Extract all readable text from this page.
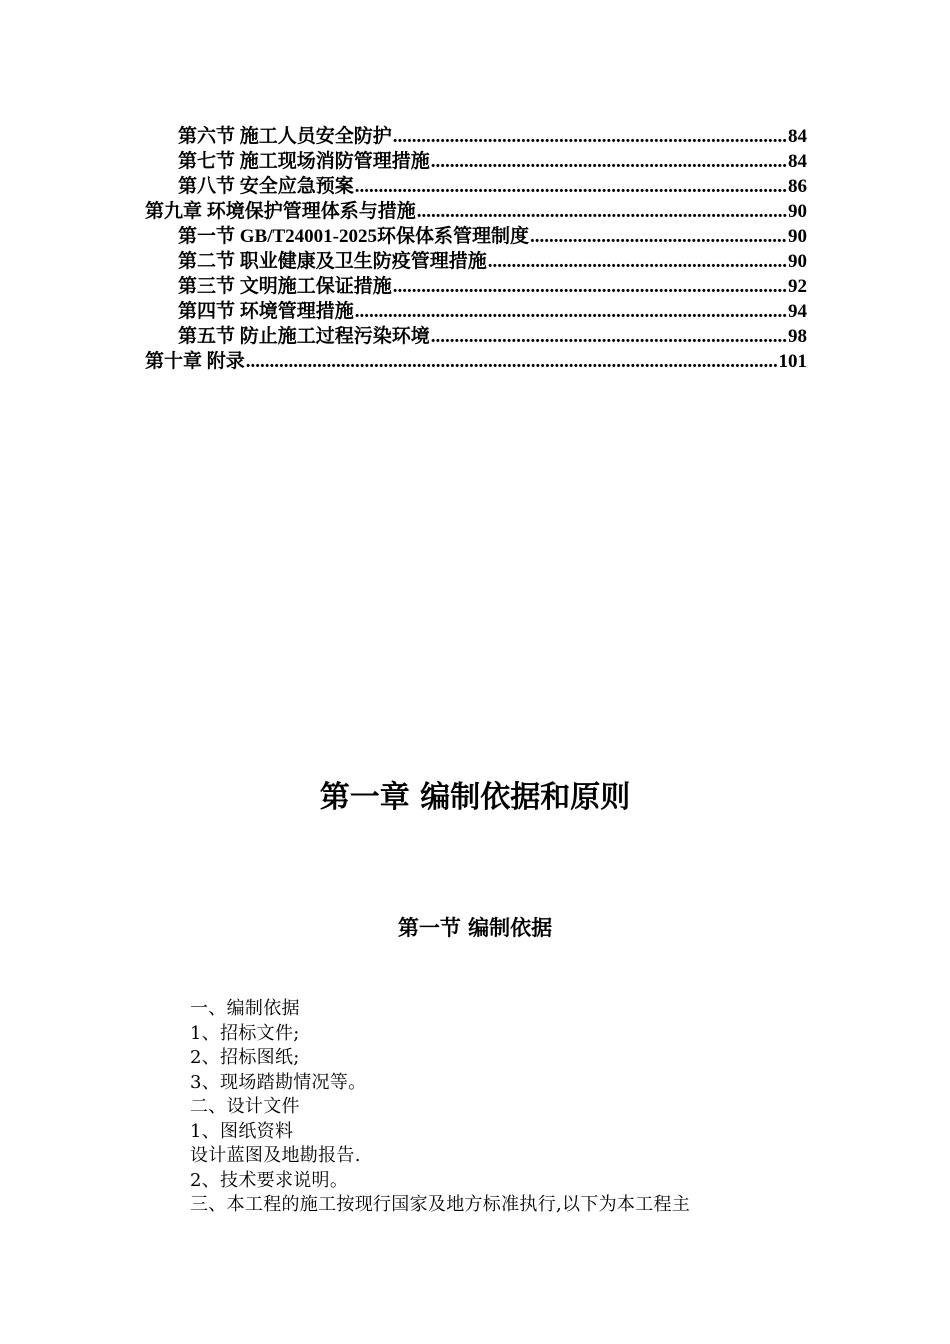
第六节 施工人员安全防护 .....	84
第七节 施工现场消防管理措施 .....	84
第八节 安全应急预案 .....	86
第九章 环境保护管理体系与措施 .....	90
第一节 GB/T24001-2025环保体系管理制度 .....	90
第二节 职业健康及卫生防疫管理措施 .....	90
第三节 文明施工保证措施 .....	92
第四节 环境管理措施 .....	94
第五节 防止施工过程污染环境 .....	98
第十章 附录 .....	101
第一章 编制依据和原则
第一节 编制依据
一、编制依据
1、招标文件;
2、招标图纸;
3、现场踏勘情况等。
二、设计文件
1、图纸资料
设计蓝图及地勘报告.
2、技术要求说明。
三、本工程的施工按现行国家及地方标准执行,以下为本工程主
